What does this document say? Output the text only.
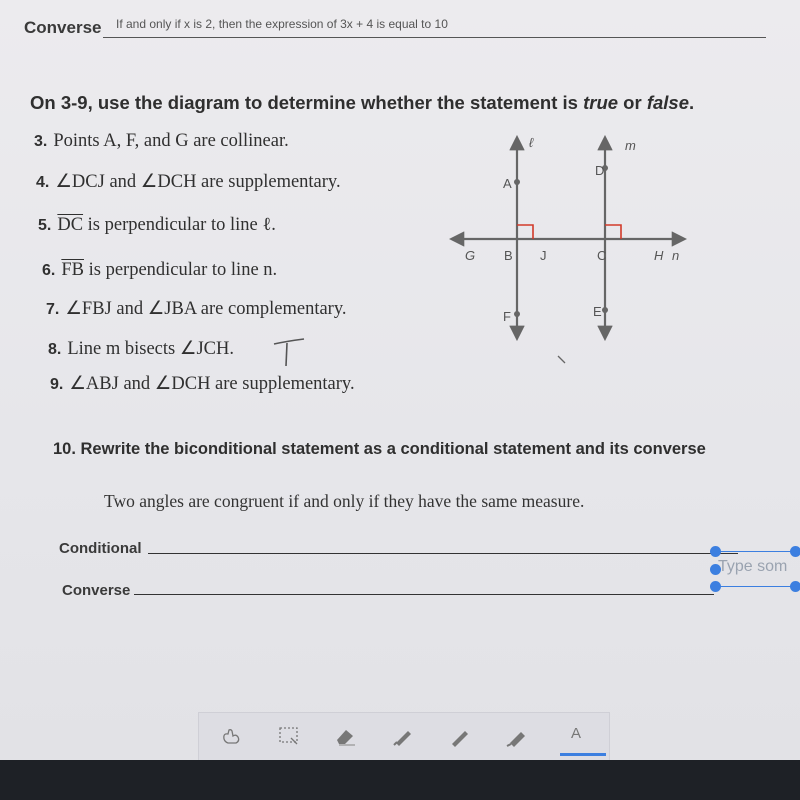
Converse If and only if x is 2, then the expression of 3x + 4 is equal to 10
On 3-9, use the diagram to determine whether the statement is true or false.
3. Points A, F, and G are collinear.
4. ∠DCJ and ∠DCH are supplementary.
5. $\overline{DC}$ is perpendicular to line ℓ.
6. $\overline{FB}$ is perpendicular to line n.
7. ∠FBJ and ∠JBA are complementary.
8. Line m bisects ∠JCH.
9. ∠ABJ and ∠DCH are supplementary.
ℓ	m
n
A
D
G B J	C	H
F	E
10. Rewrite the biconditional statement as a conditional statement and its converse
Two angles are congruent if and only if they have the same measure.
Conditional
Converse
Type som
A
